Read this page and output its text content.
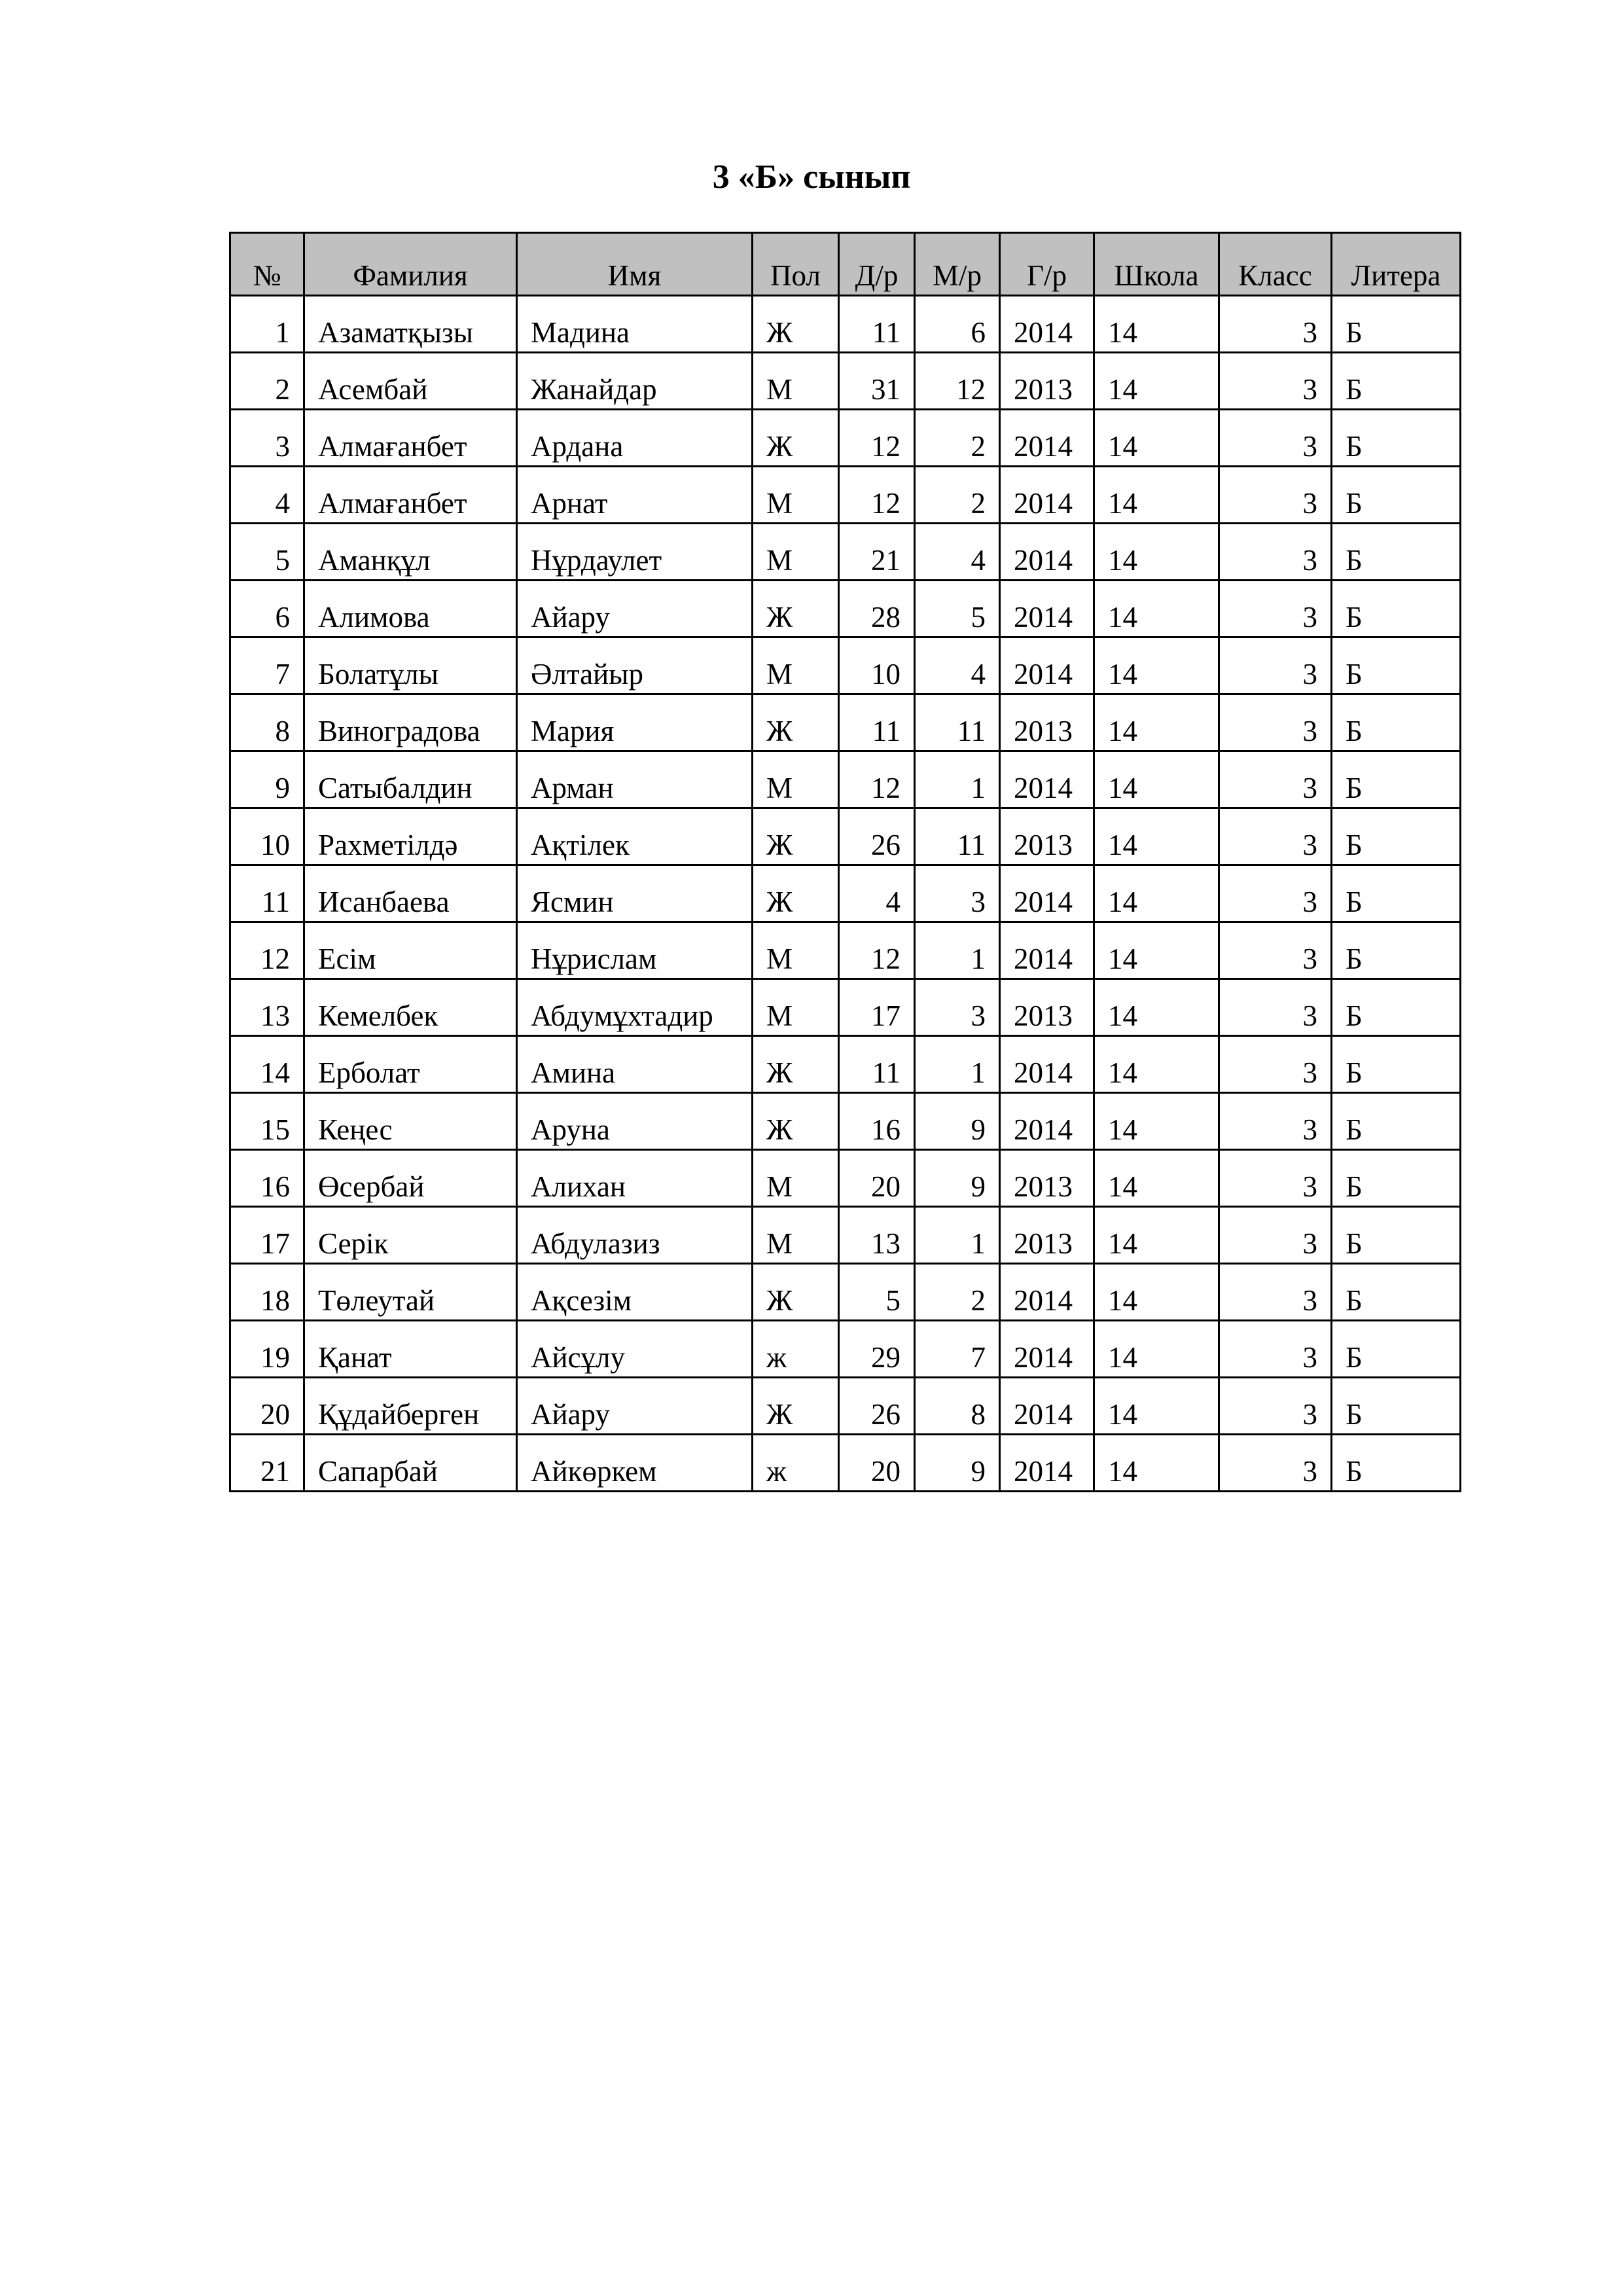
3 «Б» сынып
№	Фамилия	Имя	Пол	Д/р	М/р	Г/р	Школа	Класс	Литера
1	Азаматқызы	Мадина	Ж	11	6	2014	14	3	Б
2	Асембай	Жанайдар	М	31	12	2013	14	3	Б
3	Алмағанбет	Ардана	Ж	12	2	2014	14	3	Б
4	Алмағанбет	Арнат	М	12	2	2014	14	3	Б
5	Аманқұл	Нұрдаулет	М	21	4	2014	14	3	Б
6	Алимова	Айару	Ж	28	5	2014	14	3	Б
7	Болатұлы	Әлтайыр	М	10	4	2014	14	3	Б
8	Виноградова	Мария	Ж	11	11	2013	14	3	Б
9	Сатыбалдин	Арман	М	12	1	2014	14	3	Б
10	Рахметілдә	Ақтілек	Ж	26	11	2013	14	3	Б
11	Исанбаева	Ясмин	Ж	4	3	2014	14	3	Б
12	Есім	Нұрислам	М	12	1	2014	14	3	Б
13	Кемелбек	Абдумұхтадир	М	17	3	2013	14	3	Б
14	Ерболат	Амина	Ж	11	1	2014	14	3	Б
15	Кеңес	Аруна	Ж	16	9	2014	14	3	Б
16	Өсербай	Алихан	М	20	9	2013	14	3	Б
17	Серік	Абдулазиз	М	13	1	2013	14	3	Б
18	Төлеутай	Ақсезім	Ж	5	2	2014	14	3	Б
19	Қанат	Айсұлу	ж	29	7	2014	14	3	Б
20	Құдайберген	Айару	Ж	26	8	2014	14	3	Б
21	Сапарбай	Айкөркем	ж	20	9	2014	14	3	Б
